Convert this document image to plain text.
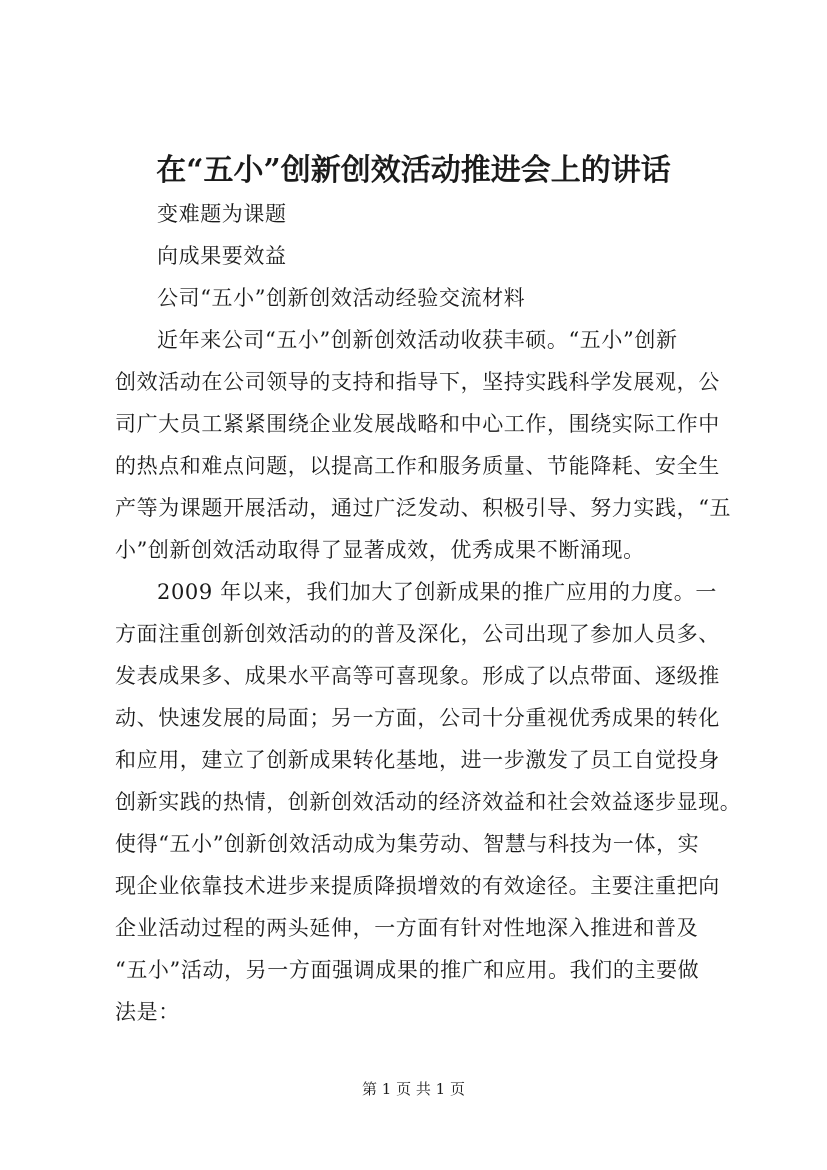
在“五小”创新创效活动推进会上的讲话
变难题为课题
向成果要效益
公司“五小”创新创效活动经验交流材料
近年来公司“五小”创新创效活动收获丰硕。“五小”创新
创效活动在公司领导的支持和指导下，坚持实践科学发展观，公
司广大员工紧紧围绕企业发展战略和中心工作，围绕实际工作中
的热点和难点问题，以提高工作和服务质量、节能降耗、安全生
产等为课题开展活动，通过广泛发动、积极引导、努力实践，“五
小”创新创效活动取得了显著成效，优秀成果不断涌现。
2009 年以来，我们加大了创新成果的推广应用的力度。一
方面注重创新创效活动的的普及深化，公司出现了参加人员多、
发表成果多、成果水平高等可喜现象。形成了以点带面、逐级推
动、快速发展的局面；另一方面，公司十分重视优秀成果的转化
和应用，建立了创新成果转化基地，进一步激发了员工自觉投身
创新实践的热情，创新创效活动的经济效益和社会效益逐步显现。
使得“五小”创新创效活动成为集劳动、智慧与科技为一体，实
现企业依靠技术进步来提质降损增效的有效途径。主要注重把向
企业活动过程的两头延伸，一方面有针对性地深入推进和普及
“五小”活动，另一方面强调成果的推广和应用。我们的主要做
法是：
第 1 页 共 1 页
